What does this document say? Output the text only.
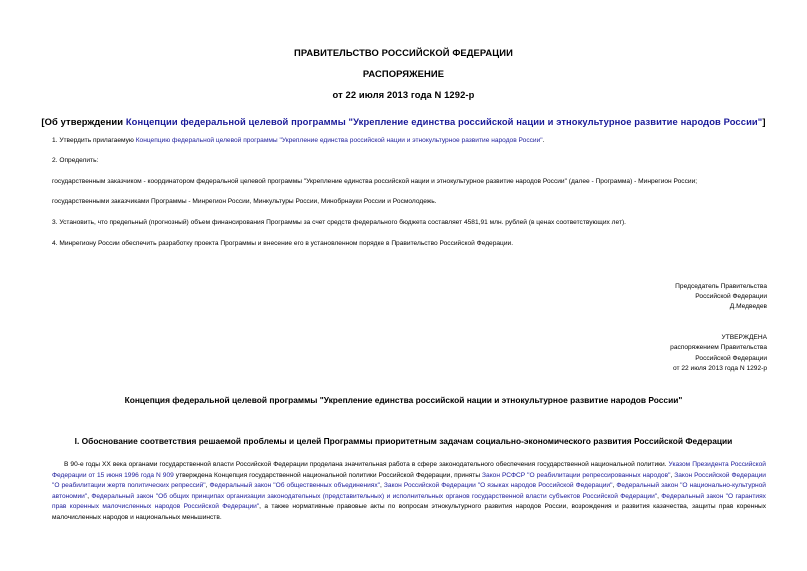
ПРАВИТЕЛЬСТВО РОССИЙСКОЙ ФЕДЕРАЦИИ

РАСПОРЯЖЕНИЕ

от 22 июля 2013 года N 1292-р

[Об утверждении Концепции федеральной целевой программы "Укрепление единства российской нации и этнокультурное развитие народов России"]

1. Утвердить прилагаемую Концепцию федеральной целевой программы "Укрепление единства российской нации и этнокультурное развитие народов России".

2. Определить:

государственным заказчиком - координатором федеральной целевой программы "Укрепление единства российской нации и этнокультурное развитие народов России" (далее - Программа) - Минрегион России;

государственными заказчиками Программы - Минрегион России, Минкультуры России, Минобрнауки России и Росмолодежь.

3. Установить, что предельный (прогнозный) объем финансирования Программы за счет средств федерального бюджета составляет 4581,91 млн. рублей (в ценах соответствующих лет).

4. Минрегиону России обеспечить разработку проекта Программы и внесение его в установленном порядке в Правительство Российской Федерации.

Председатель Правительства
Российской Федерации
Д.Медведев
УТВЕРЖДЕНА
распоряжением Правительства
Российской Федерации
от 22 июля 2013 года N 1292-р

Концепция федеральной целевой программы "Укрепление единства российской нации и этнокультурное развитие народов России"

I. Обоснование соответствия решаемой проблемы и целей Программы приоритетным задачам социально-экономического развития Российской Федерации

В 90-е годы XX века органами государственной власти Российской Федерации проделана значительная работа в сфере законодательного обеспечения государственной национальной политики. Указом Президента Российской Федерации от 15 июня 1996 года N 909 утверждена Концепция государственной национальной политики Российской Федерации, приняты Закон РСФСР "О реабилитации репрессированных народов", Закон Российской Федерации "О реабилитации жертв политических репрессий", Федеральный закон "Об общественных объединениях", Закон Российской Федерации "О языках народов Российской Федерации", Федеральный закон "О национально-культурной автономии", Федеральный закон "Об общих принципах организации законодательных (представительных) и исполнительных органов государственной власти субъектов Российской Федерации", Федеральный закон "О гарантиях прав коренных малочисленных народов Российской Федерации", а также нормативные правовые акты по вопросам этнокультурного развития народов России, возрождения и развития казачества, защиты прав коренных малочисленных народов и национальных меньшинств.
